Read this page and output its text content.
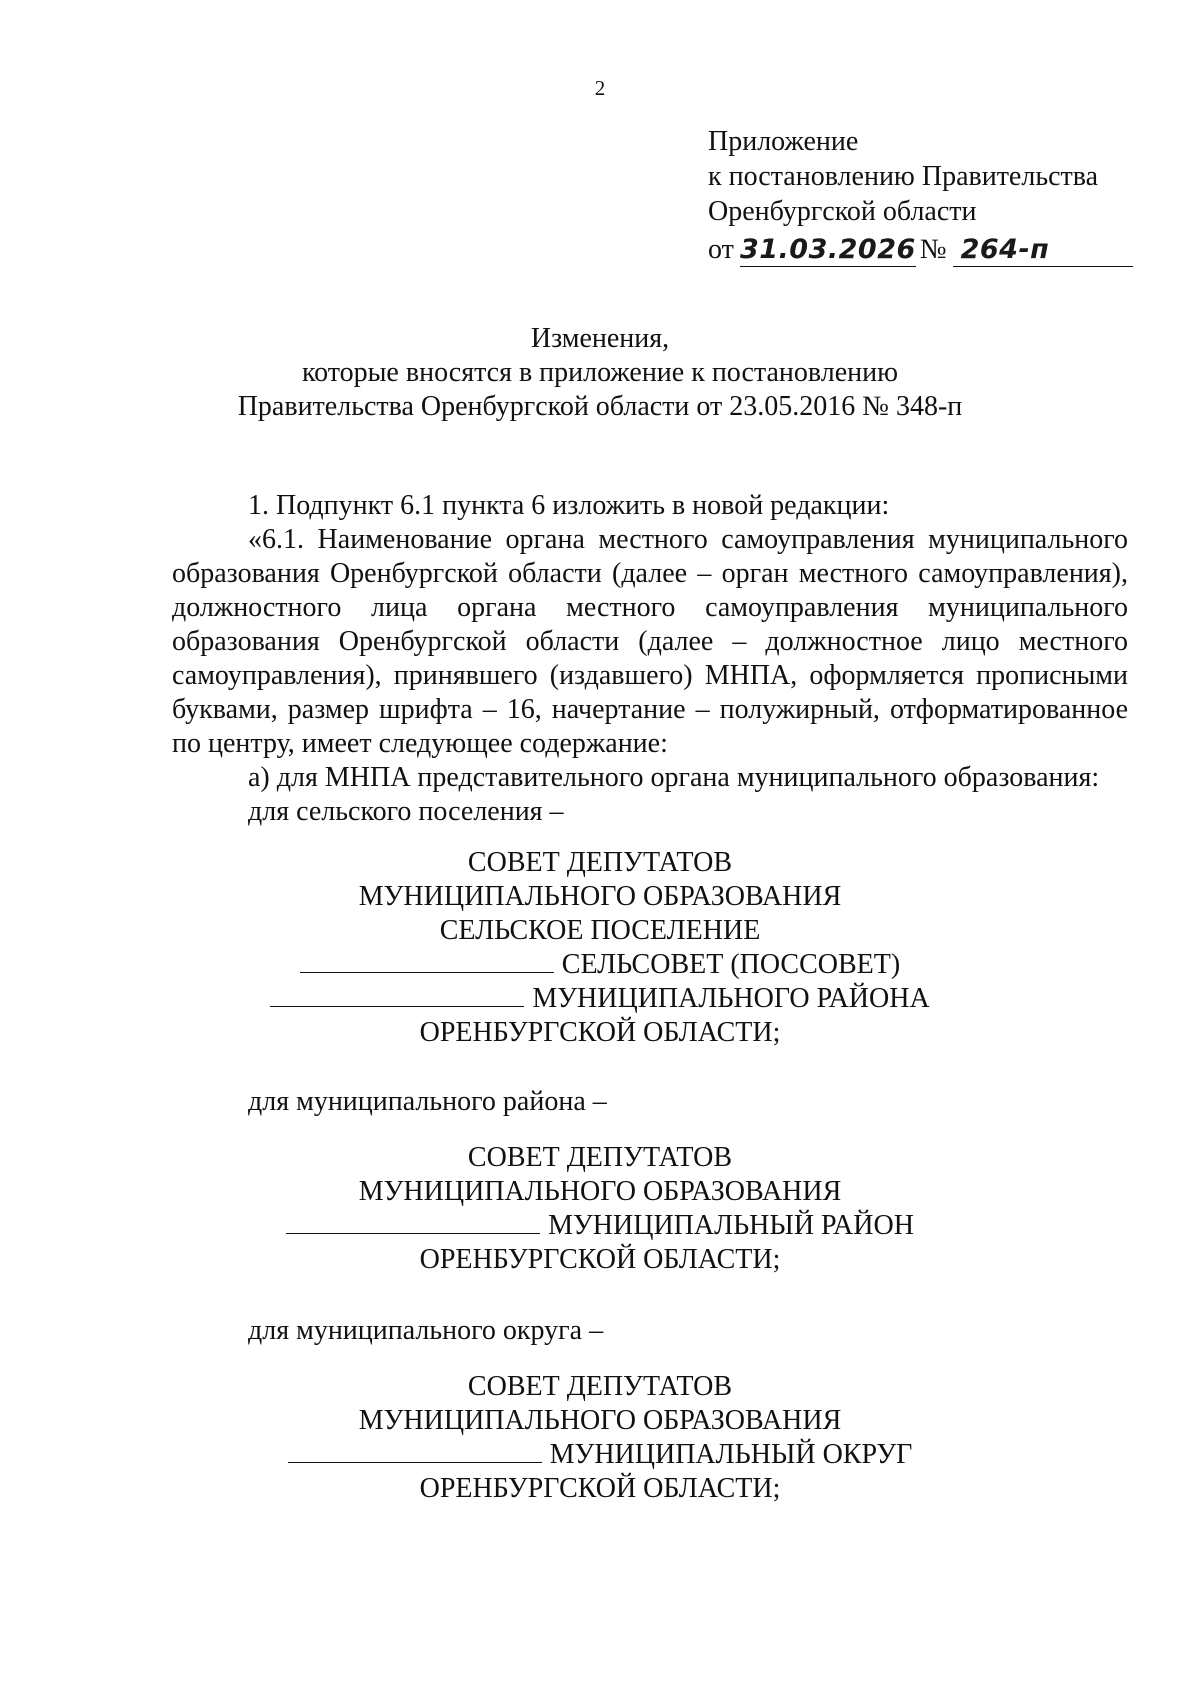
2
Приложение
к постановлению Правительства
Оренбургской области
от 31.03.2026 № 264-п
Изменения,
которые вносятся в приложение к постановлению
Правительства Оренбургской области от 23.05.2016 № 348-п

1. Подпункт 6.1 пункта 6 изложить в новой редакции:

«6.1. Наименование органа местного самоуправления муниципального образования Оренбургской области (далее – орган местного самоуправления), должностного лица органа местного самоуправления муниципального образования Оренбургской области (далее – должностное лицо местного самоуправления), принявшего (издавшего) МНПА, оформляется прописными буквами, размер шрифта – 16, начертание – полужирный, отформатированное по центру, имеет следующее содержание:

а) для МНПА представительного органа муниципального образования:

для сельского поселения –

СОВЕТ ДЕПУТАТОВ
МУНИЦИПАЛЬНОГО ОБРАЗОВАНИЯ
СЕЛЬСКОЕ ПОСЕЛЕНИЕ
СЕЛЬСОВЕТ (ПОССОВЕТ)
МУНИЦИПАЛЬНОГО РАЙОНА
ОРЕНБУРГСКОЙ ОБЛАСТИ;
для муниципального района –
СОВЕТ ДЕПУТАТОВ
МУНИЦИПАЛЬНОГО ОБРАЗОВАНИЯ
МУНИЦИПАЛЬНЫЙ РАЙОН
ОРЕНБУРГСКОЙ ОБЛАСТИ;
для муниципального округа –
СОВЕТ ДЕПУТАТОВ
МУНИЦИПАЛЬНОГО ОБРАЗОВАНИЯ
МУНИЦИПАЛЬНЫЙ ОКРУГ
ОРЕНБУРГСКОЙ ОБЛАСТИ;
